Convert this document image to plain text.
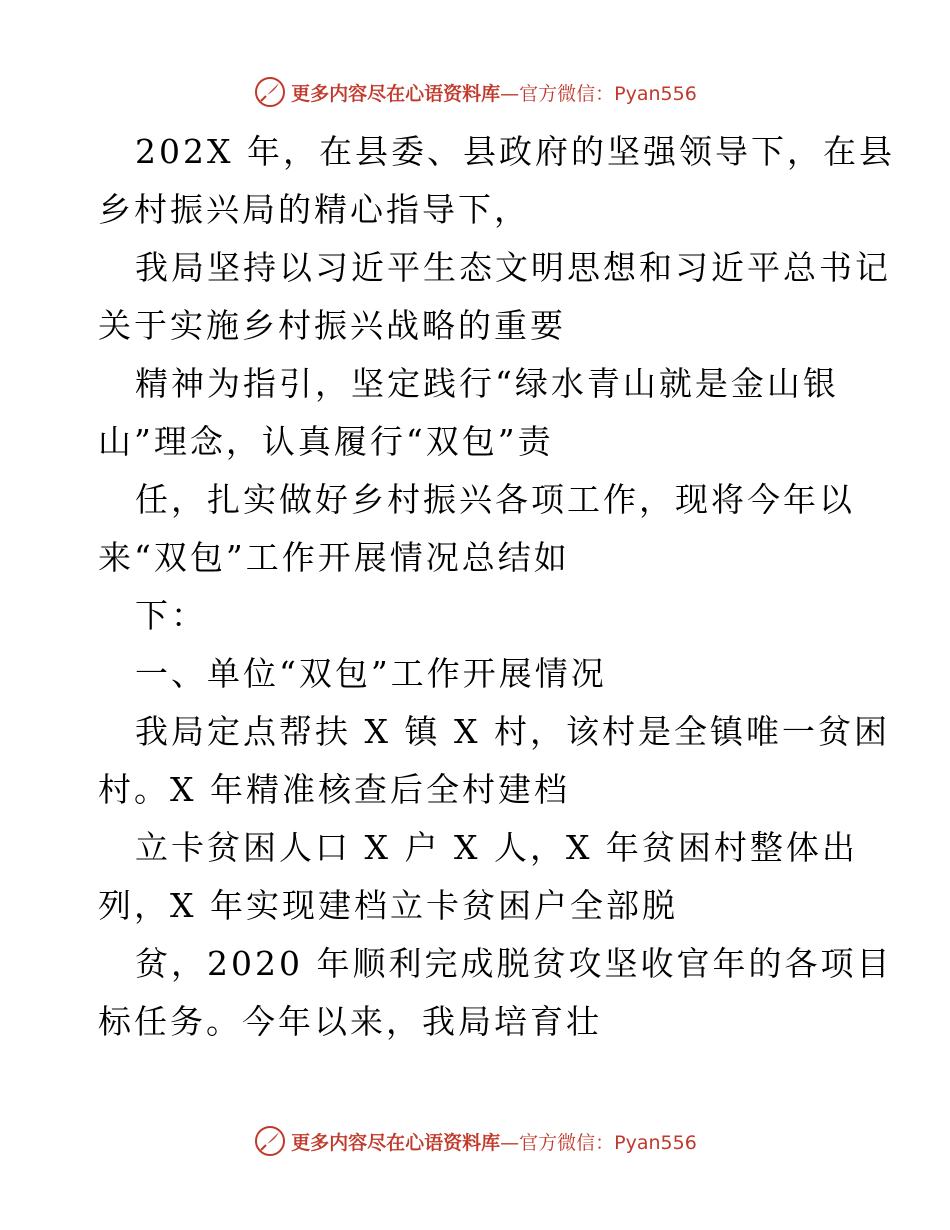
更多内容尽在心语资料库 —官方微信：Pyan556
202X 年，在县委、县政府的坚强领导下，在县
乡村振兴局的精心指导下，
我局坚持以习近平生态文明思想和习近平总书记
关于实施乡村振兴战略的重要
精神为指引，坚定践行“绿水青山就是金山银
山”理念，认真履行“双包”责
任，扎实做好乡村振兴各项工作，现将今年以
来“双包”工作开展情况总结如
下：
一、单位“双包”工作开展情况
我局定点帮扶 X 镇 X 村，该村是全镇唯一贫困
村。X 年精准核查后全村建档
立卡贫困人口 X 户 X 人，X 年贫困村整体出
列，X 年实现建档立卡贫困户全部脱
贫，2020 年顺利完成脱贫攻坚收官年的各项目
标任务。今年以来，我局培育壮
更多内容尽在心语资料库 —官方微信：Pyan556
